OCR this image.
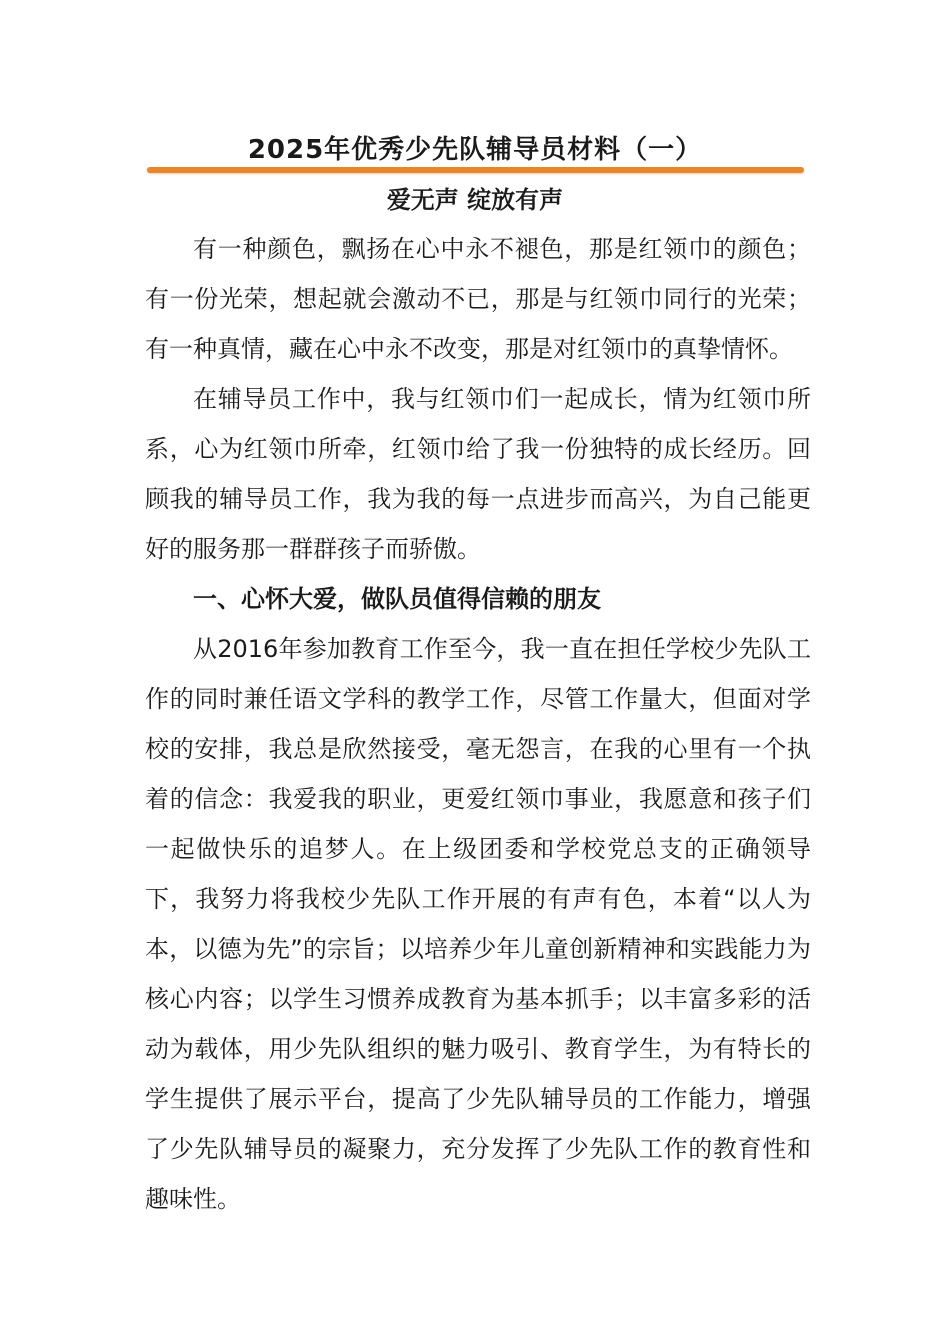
2025年优秀少先队辅导员材料（一）
爱无声 绽放有声

有一种颜色，飘扬在心中永不褪色，那是红领巾的颜色；有一份光荣，想起就会激动不已，那是与红领巾同行的光荣；有一种真情，藏在心中永不改变，那是对红领巾的真挚情怀。

在辅导员工作中，我与红领巾们一起成长，情为红领巾所系，心为红领巾所牵，红领巾给了我一份独特的成长经历。回顾我的辅导员工作，我为我的每一点进步而高兴，为自己能更好的服务那一群群孩子而骄傲。

一、心怀大爱，做队员值得信赖的朋友

从2016年参加教育工作至今，我一直在担任学校少先队工作的同时兼任语文学科的教学工作，尽管工作量大，但面对学校的安排，我总是欣然接受，毫无怨言，在我的心里有一个执着的信念：我爱我的职业，更爱红领巾事业，我愿意和孩子们一起做快乐的追梦人。在上级团委和学校党总支的正确领导下，我努力将我校少先队工作开展的有声有色，本着“以人为本，以德为先”的宗旨；以培养少年儿童创新精神和实践能力为核心内容；以学生习惯养成教育为基本抓手；以丰富多彩的活动为载体，用少先队组织的魅力吸引、教育学生，为有特长的学生提供了展示平台，提高了少先队辅导员的工作能力，增强了少先队辅导员的凝聚力，充分发挥了少先队工作的教育性和趣味性。
